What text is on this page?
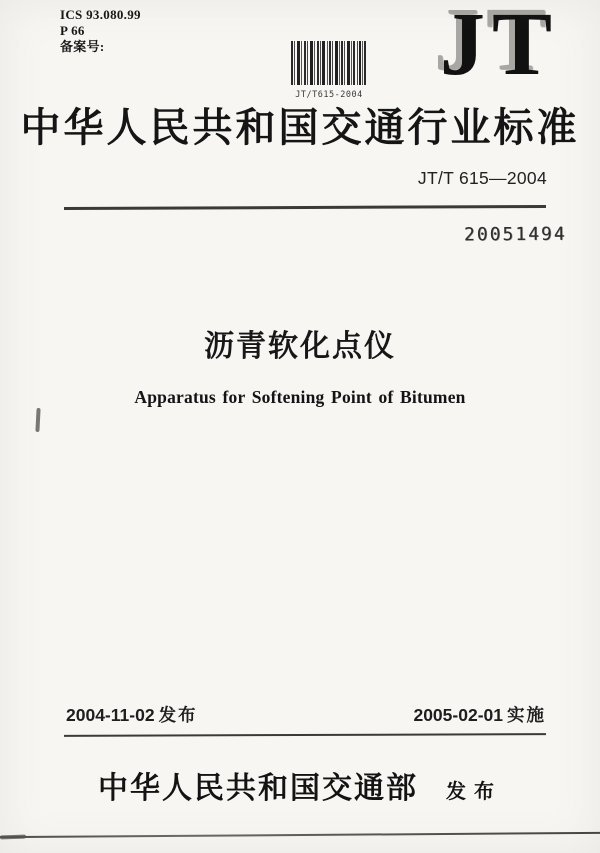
ICS 93.080.99
P 66
备案号:	JT
JT/T615-2004
中华人民共和国交通行业标准
JT/T 615—2004
20051494
沥青软化点仪
Apparatus for Softening Point of Bitumen
2004-11-02 发布	2005-02-01 实施
中华人民共和国交通部 发布
